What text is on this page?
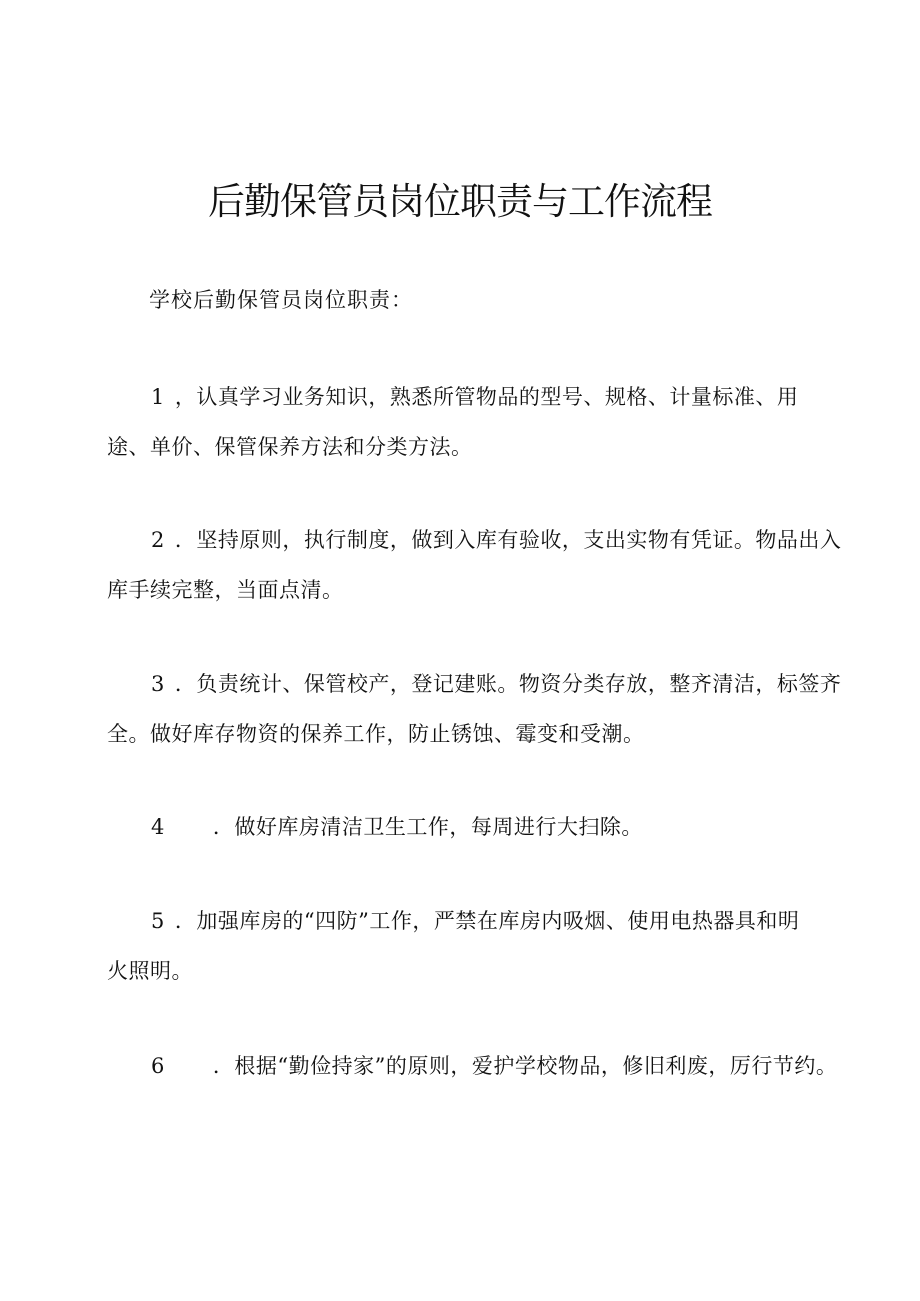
后勤保管员岗位职责与工作流程
学校后勤保管员岗位职责：
1 ，认真学习业务知识，熟悉所管物品的型号、规格、计量标准、用
途、单价、保管保养方法和分类方法。
2 ．坚持原则，执行制度，做到入库有验收，支出实物有凭证。物品出入
库手续完整，当面点清。
3 ．负责统计、保管校产，登记建账。物资分类存放，整齐清洁，标签齐
全。做好库存物资的保养工作，防止锈蚀、霉变和受潮。
4 ．做好库房清洁卫生工作，每周进行大扫除。
5 ．加强库房的“四防”工作，严禁在库房内吸烟、使用电热器具和明
火照明。
6 ．根据“勤俭持家”的原则，爱护学校物品，修旧利废，厉行节约。
